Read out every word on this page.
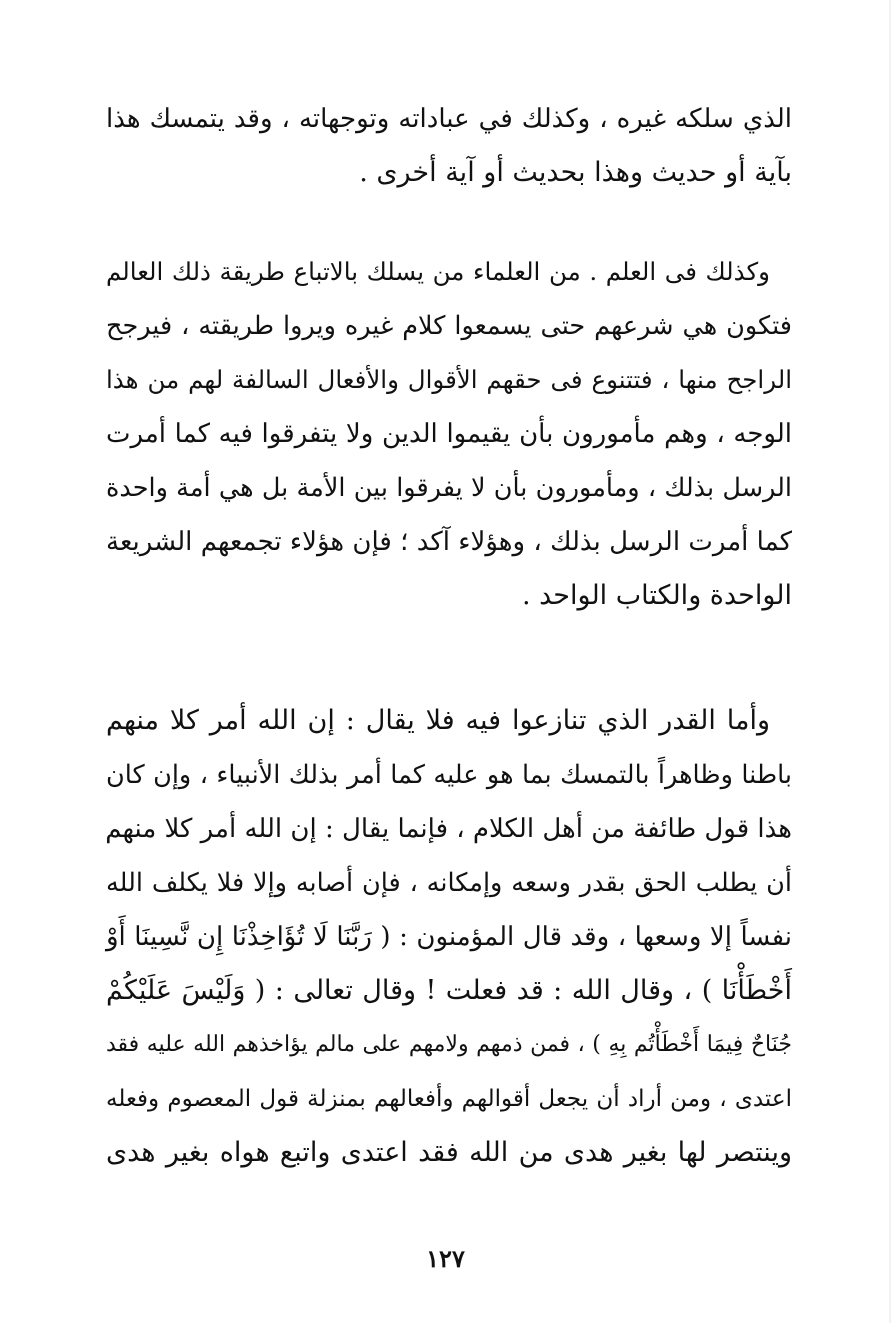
الذي سلكه غيره ، وكذلك في عباداته وتوجهاته ، وقد يتمسك هذا
بآية أو حديث وهذا بحديث أو آية أخرى .
وكذلك فى العلم . من العلماء من يسلك بالاتباع طريقة ذلك العالم
فتكون هي شرعهم حتى يسمعوا كلام غيره ويروا طريقته ، فيرجح
الراجح منها ، فتتنوع فى حقهم الأقوال والأفعال السالفة لهم من هذا
الوجه ، وهم مأمورون بأن يقيموا الدين ولا يتفرقوا فيه كما أمرت
الرسل بذلك ، ومأمورون بأن لا يفرقوا بين الأمة بل هي أمة واحدة
كما أمرت الرسل بذلك ، وهؤلاء آكد ؛ فإن هؤلاء تجمعهم الشريعة
الواحدة والكتاب الواحد .
وأما القدر الذي تنازعوا فيه فلا يقال : إن الله أمر كلا منهم
باطنا وظاهراً بالتمسك بما هو عليه كما أمر بذلك الأنبياء ، وإن كان
هذا قول طائفة من أهل الكلام ، فإنما يقال : إن الله أمر كلا منهم
أن يطلب الحق بقدر وسعه وإمكانه ، فإن أصابه وإلا فلا يكلف الله
نفساً إلا وسعها ، وقد قال المؤمنون : ( رَبَّنَا لَا تُؤَاخِذْنَا إِن نَّسِينَا أَوْ
أَخْطَأْنَا ) ، وقال الله : قد فعلت ! وقال تعالى : ( وَلَيْسَ عَلَيْكُمْ
جُنَاحٌ فِيمَا أَخْطَأْتُم بِهِ ) ، فمن ذمهم ولامهم على مالم يؤاخذهم الله عليه فقد
اعتدى ، ومن أراد أن يجعل أقوالهم وأفعالهم بمنزلة قول المعصوم وفعله
وينتصر لها بغير هدى من الله فقد اعتدى واتبع هواه بغير هدى
١٢٧
